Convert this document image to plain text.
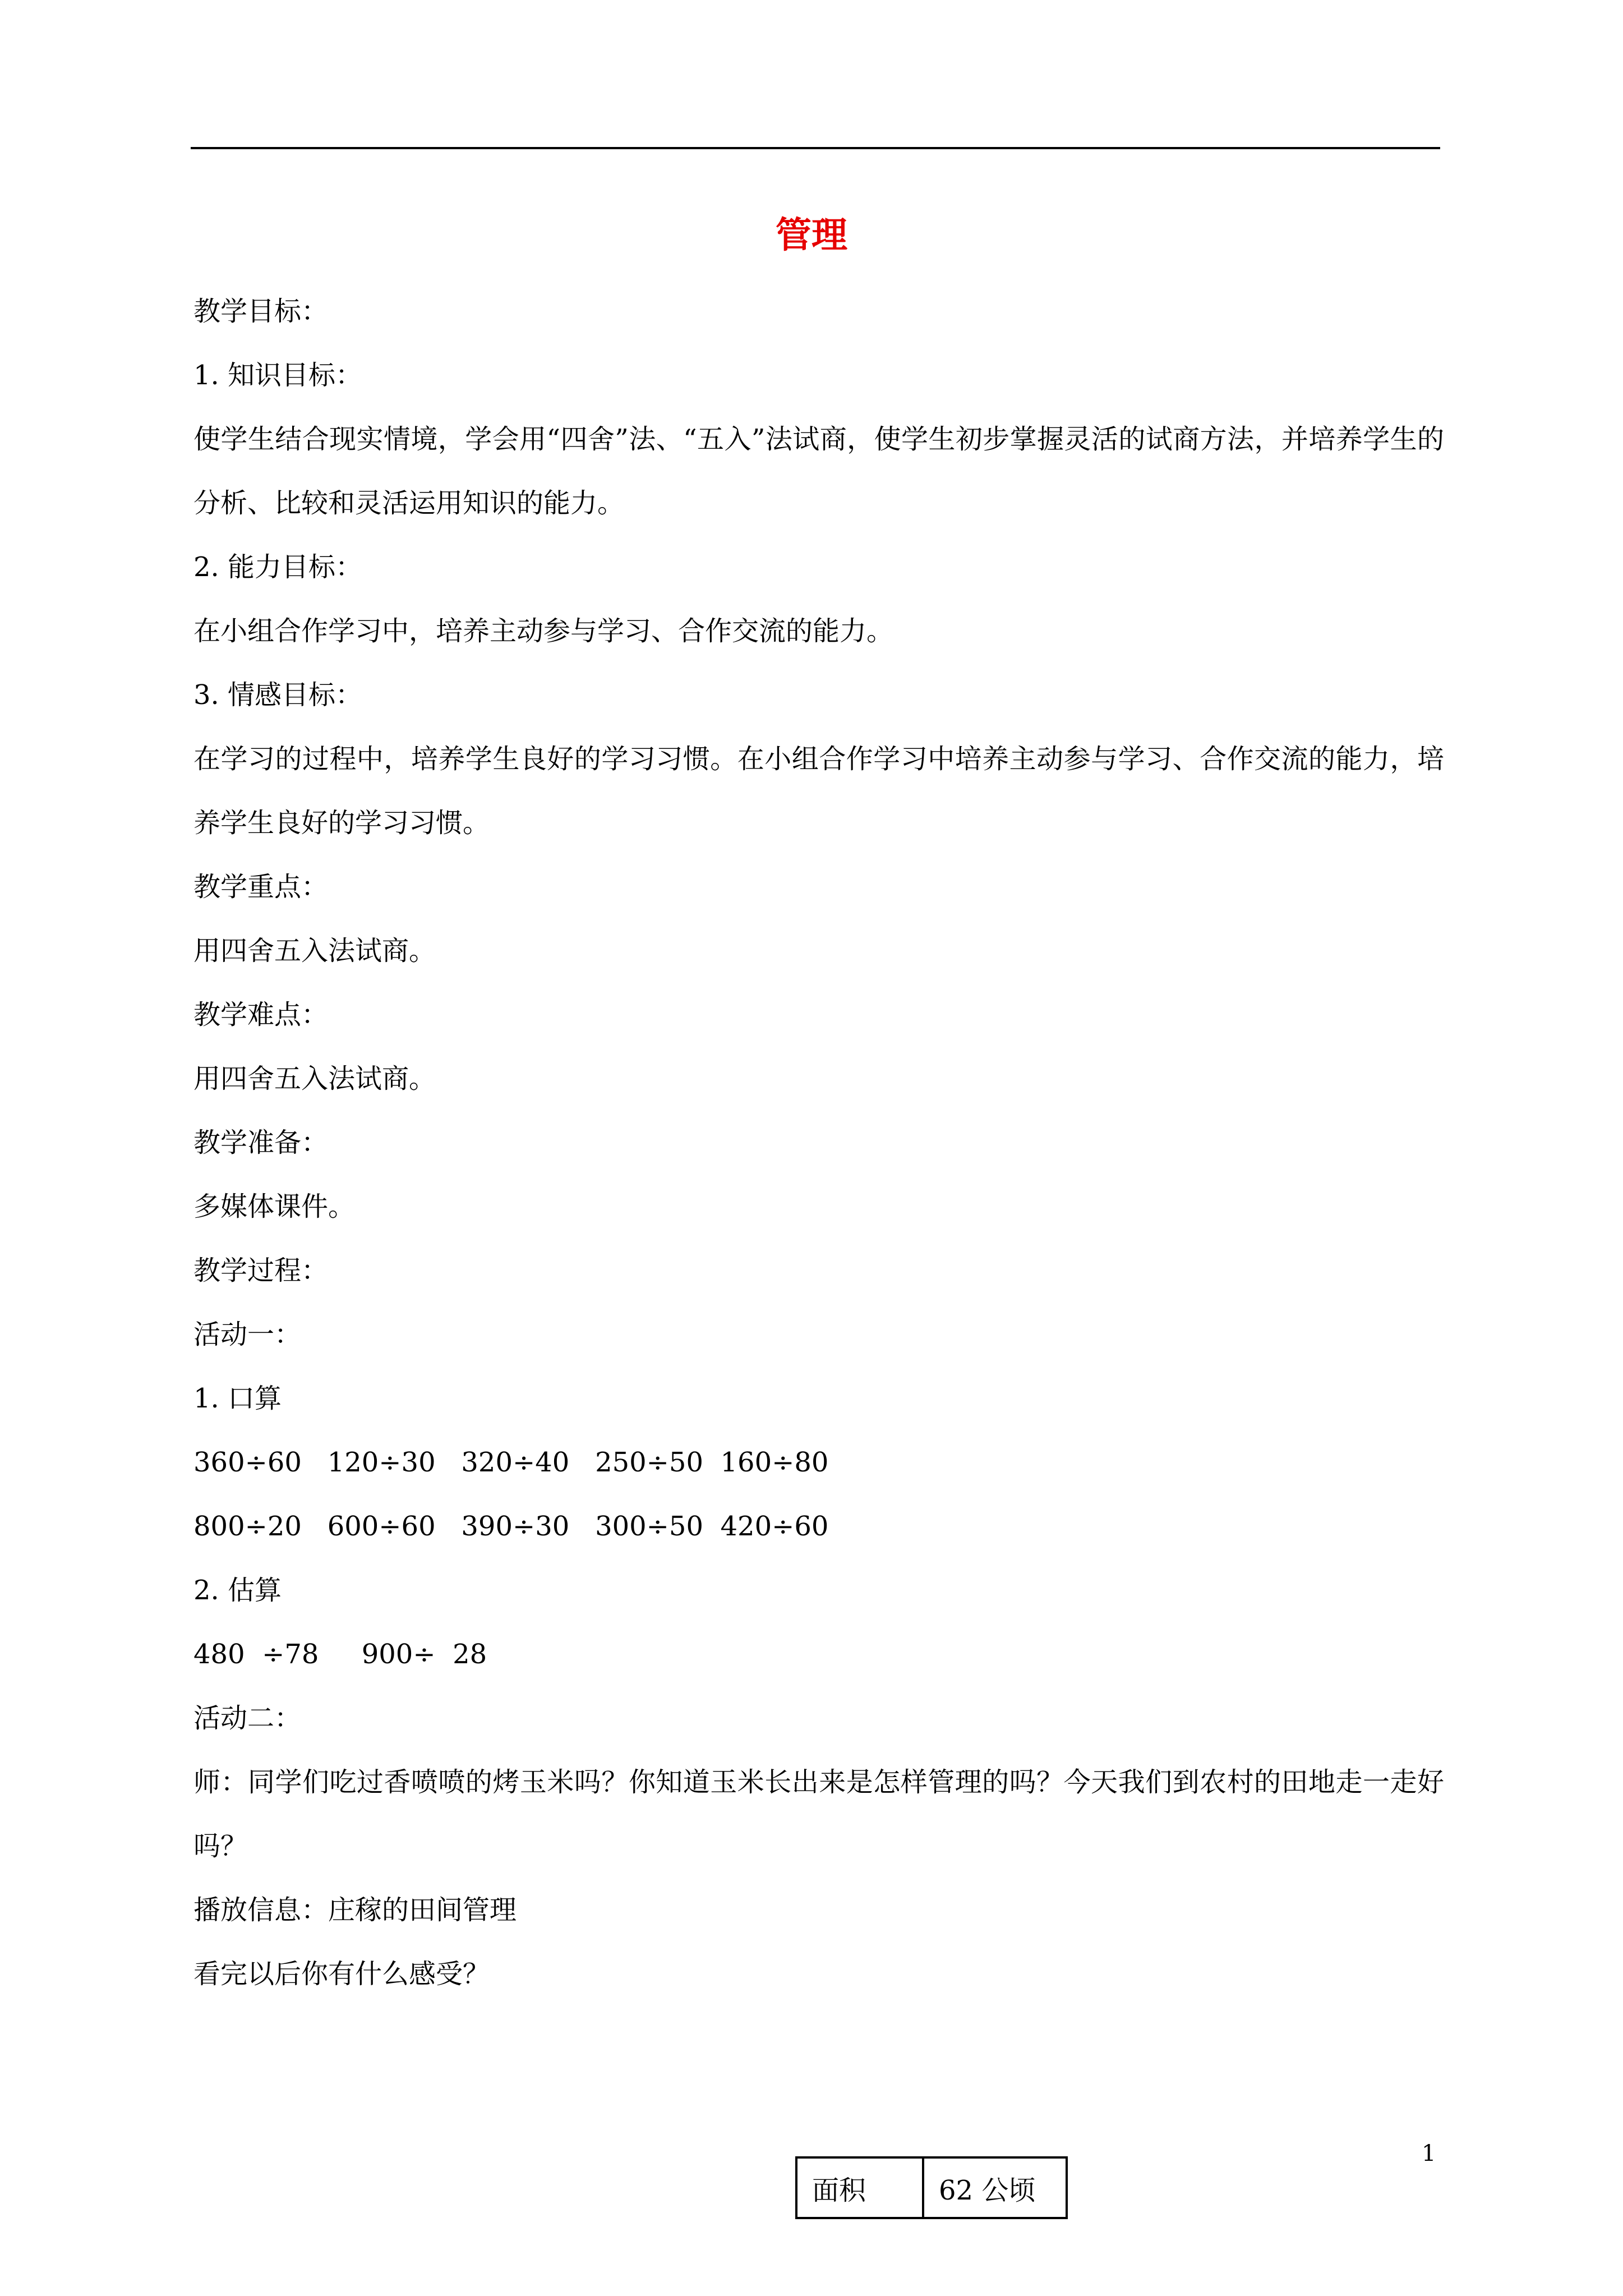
管理
教学目标：
1. 知识目标：
使学生结合现实情境，学会用“四舍”法、“五入”法试商，使学生初步掌握灵活的试商方法，并培养学生的分析、比较和灵活运用知识的能力。
2. 能力目标：
在小组合作学习中，培养主动参与学习、合作交流的能力。
3. 情感目标：
在学习的过程中，培养学生良好的学习习惯。在小组合作学习中培养主动参与学习、合作交流的能力，培养学生良好的学习习惯。
教学重点：
用四舍五入法试商。
教学难点：
用四舍五入法试商。
教学准备：
多媒体课件。
教学过程：
活动一：
1. 口算
360÷60   120÷30   320÷40   250÷50  160÷80
800÷20   600÷60   390÷30   300÷50  420÷60
2. 估算
480  ÷78     900÷  28
活动二：
师：同学们吃过香喷喷的烤玉米吗？你知道玉米长出来是怎样管理的吗？今天我们到农村的田地走一走好吗？
播放信息：庄稼的田间管理
看完以后你有什么感受？
1
面积	62 公顷
